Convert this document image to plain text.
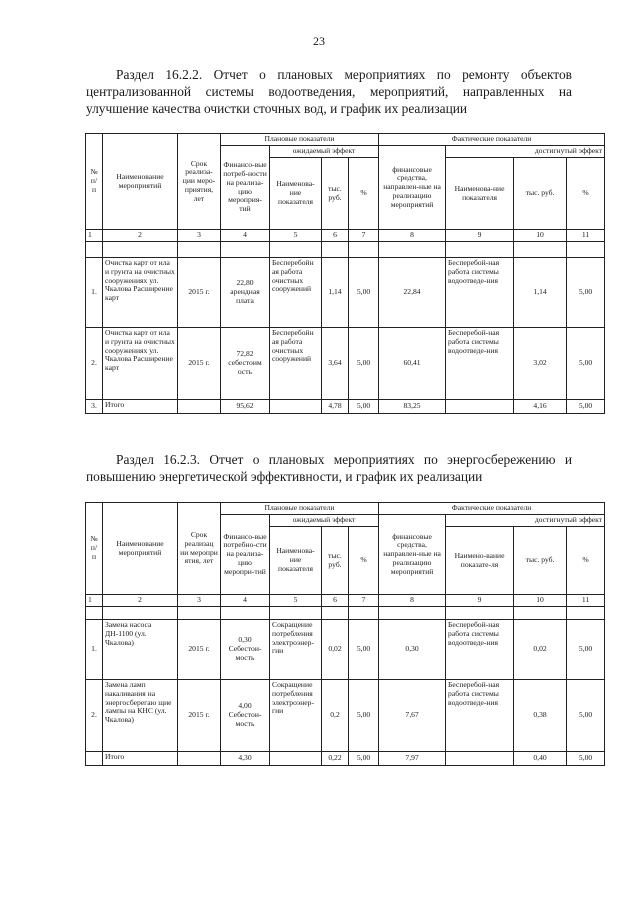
23
Раздел 16.2.2. Отчет о плановых мероприятиях по ремонту объектов централизованной системы водоотведения, мероприятий, направленных на улучшение качества очистки сточных вод, и график их реализации
№ п/ п	Наименование мероприятий	Срок реализа-ции меро-приятия, лет	Плановые показатели				Фактические показатели			
			Финансо-вые потреб-ности на реализа-цию мероприя-тий	ожидаемый эффект			финансовые средства, направлен-ные на реализацию мероприятий	достигнутый эффект		
				Наименова-ние показателя	тыс. руб.	%		Наименова-ние показателя	тыс. руб.	%
1	2	3	4	5	6	7	8	9	10	11

1.	Очистка карт от ила и грунта на очистных сооружениях ул. Чкалова Расширение карт	2015 г.	22,80 арендная плата	Бесперебойн ая работа очистных сооружений	1,14	5,00	22,84	Бесперебой-ная работа системы водоотведе-ния	1,14	5,00
2.	Очистка карт от ила и грунта на очистных сооружениях ул. Чкалова Расширение карт	2015 г.	72,82 себестоим ость	Бесперебойн ая работа очистных сооружений	3,64	5,00	60,41	Бесперебой-ная работа системы водоотведе-ния	3,02	5,00
3.	Итого		95,62		4,78	5,00	83,25		4,16	5,00
Раздел 16.2.3. Отчет о плановых мероприятиях по энергосбережению и повышению энергетической эффективности, и график их реализации
№ п/ п	Наименование мероприятий	Срок реализац ии меропри ятия, лет	Плановые показатели				Фактические показатели			
			Финансо-вые потребно-сти на реализа-цию меропри-тий	ожидаемый эффект			финансовые средства, направлен-ные на реализацию мероприятий	достигнутый эффект		
				Наименова-ние показателя	тыс. руб.	%		Наимено-вание показате-ля	тыс. руб.	%
1	2	3	4	5	6	7	8	9	10	11

1.	Замена насоса ДН-1100 (ул. Чкалова)	2015 г.	0,30 Себестои-мость	Сокращение потребления электроэнер-гии	0,02	5,00	0,30	Бесперебой-ная работа системы водоотведе-ния	0,02	5,00
2.	Замена ламп накаливания на энергосберегаю щие лампы на КНС (ул. Чкалова)	2015 г.	4,00 Себестои-мость	Сокращение потребления электроэнер-гии	0,2	5,00	7,67	Бесперебой-ная работа системы водоотведе-ния	0,38	5,00
	Итого		4,30		0,22	5,00	7,97		0,40	5,00
